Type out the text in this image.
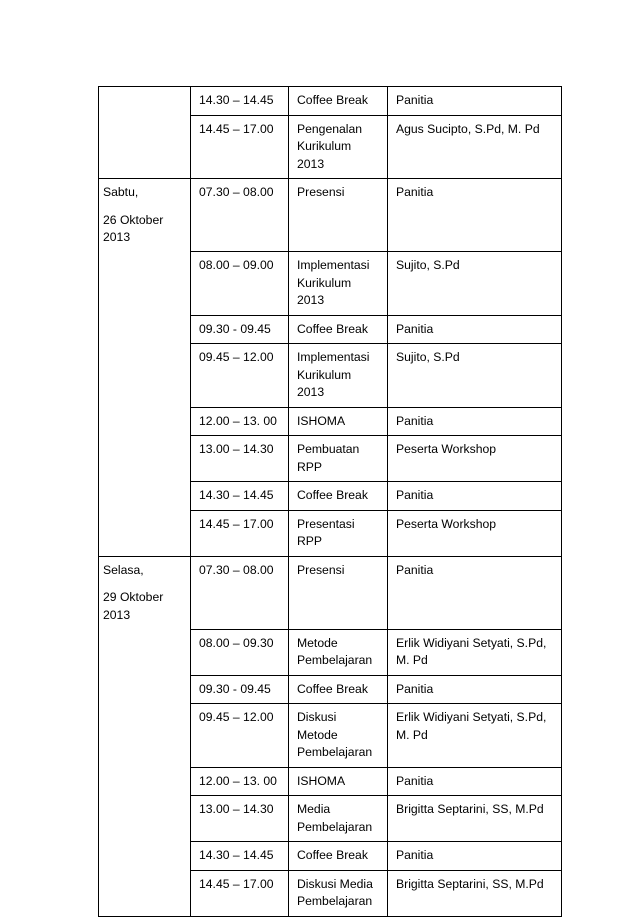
	14.30 – 14.45	Coffee Break	Panitia
	14.45 – 17.00	Pengenalan
Kurikulum
2013	Agus Sucipto, S.Pd, M. Pd

Sabtu,
26 Oktober
2013	07.30 – 08.00	Presensi	Panitia
	08.00 – 09.00	Implementasi
Kurikulum
2013	Sujito, S.Pd
	09.30 - 09.45	Coffee Break	Panitia
	09.45 – 12.00	Implementasi
Kurikulum
2013	Sujito, S.Pd
	12.00 – 13. 00	ISHOMA	Panitia
	13.00 – 14.30	Pembuatan
RPP	Peserta Workshop
	14.30 – 14.45	Coffee Break	Panitia
	14.45 – 17.00	Presentasi
RPP	Peserta Workshop

Selasa,
29 Oktober
2013	07.30 – 08.00	Presensi	Panitia
	08.00 – 09.30	Metode
Pembelajaran	Erlik Widiyani Setyati, S.Pd,
M. Pd
	09.30 - 09.45	Coffee Break	Panitia
	09.45 – 12.00	Diskusi
Metode
Pembelajaran	Erlik Widiyani Setyati, S.Pd,
M. Pd
	12.00 – 13. 00	ISHOMA	Panitia
	13.00 – 14.30	Media
Pembelajaran	Brigitta Septarini, SS, M.Pd
	14.30 – 14.45	Coffee Break	Panitia
	14.45 – 17.00	Diskusi Media
Pembelajaran	Brigitta Septarini, SS, M.Pd
